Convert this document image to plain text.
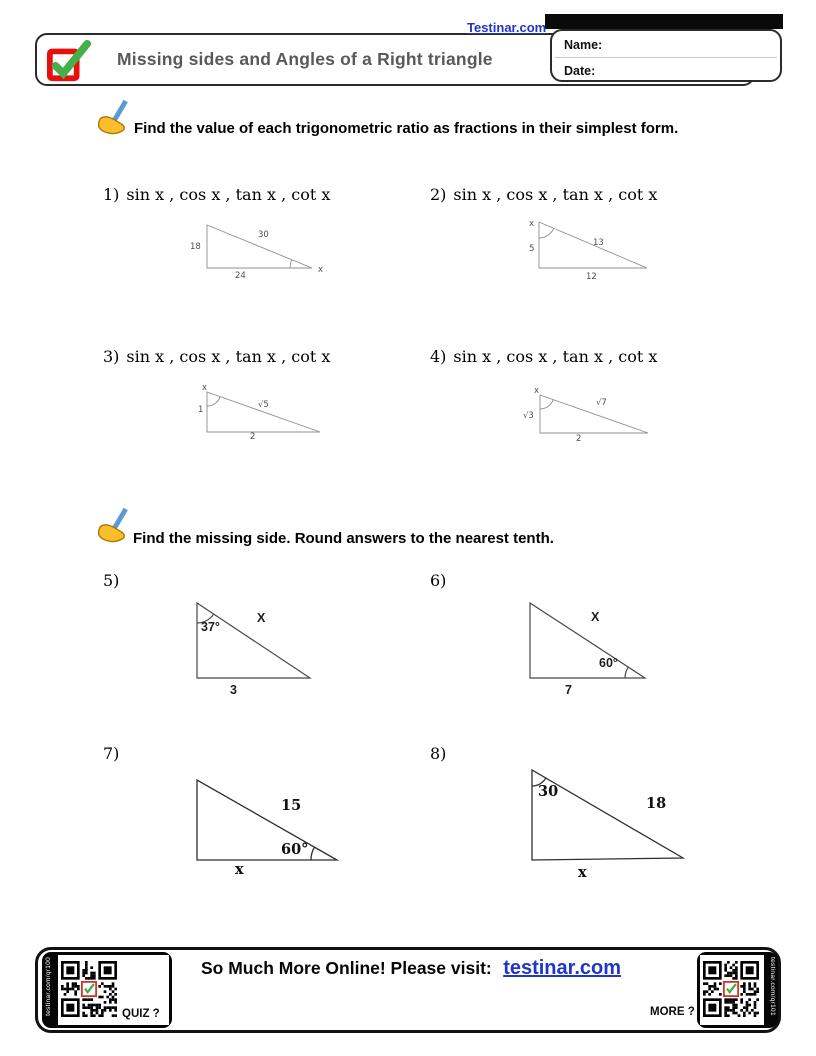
Testinar.com
Missing sides and Angles of a Right triangle
Name:
Date:
Find the value of each trigonometric ratio as fractions in their simplest form.
1) sin x , cos x , tan x , cot x	2) sin x , cos x , tan x , cot x
3) sin x , cos x , tan x , cot x	4) sin x , cos x , tan x , cot x
18
30
24
x
x
5
13
12
x
1	√5
2
x
√3
√7
2
Find the missing side. Round answers to the nearest tenth.
5)	6)
7)	8)
37°
X
3
X
60°
7
15
60°
x
30
18
x
testinar.com/qr100	QUIZ ?
So Much More Online! Please visit: testinar.com
MORE ?	testinar.com/qr101
